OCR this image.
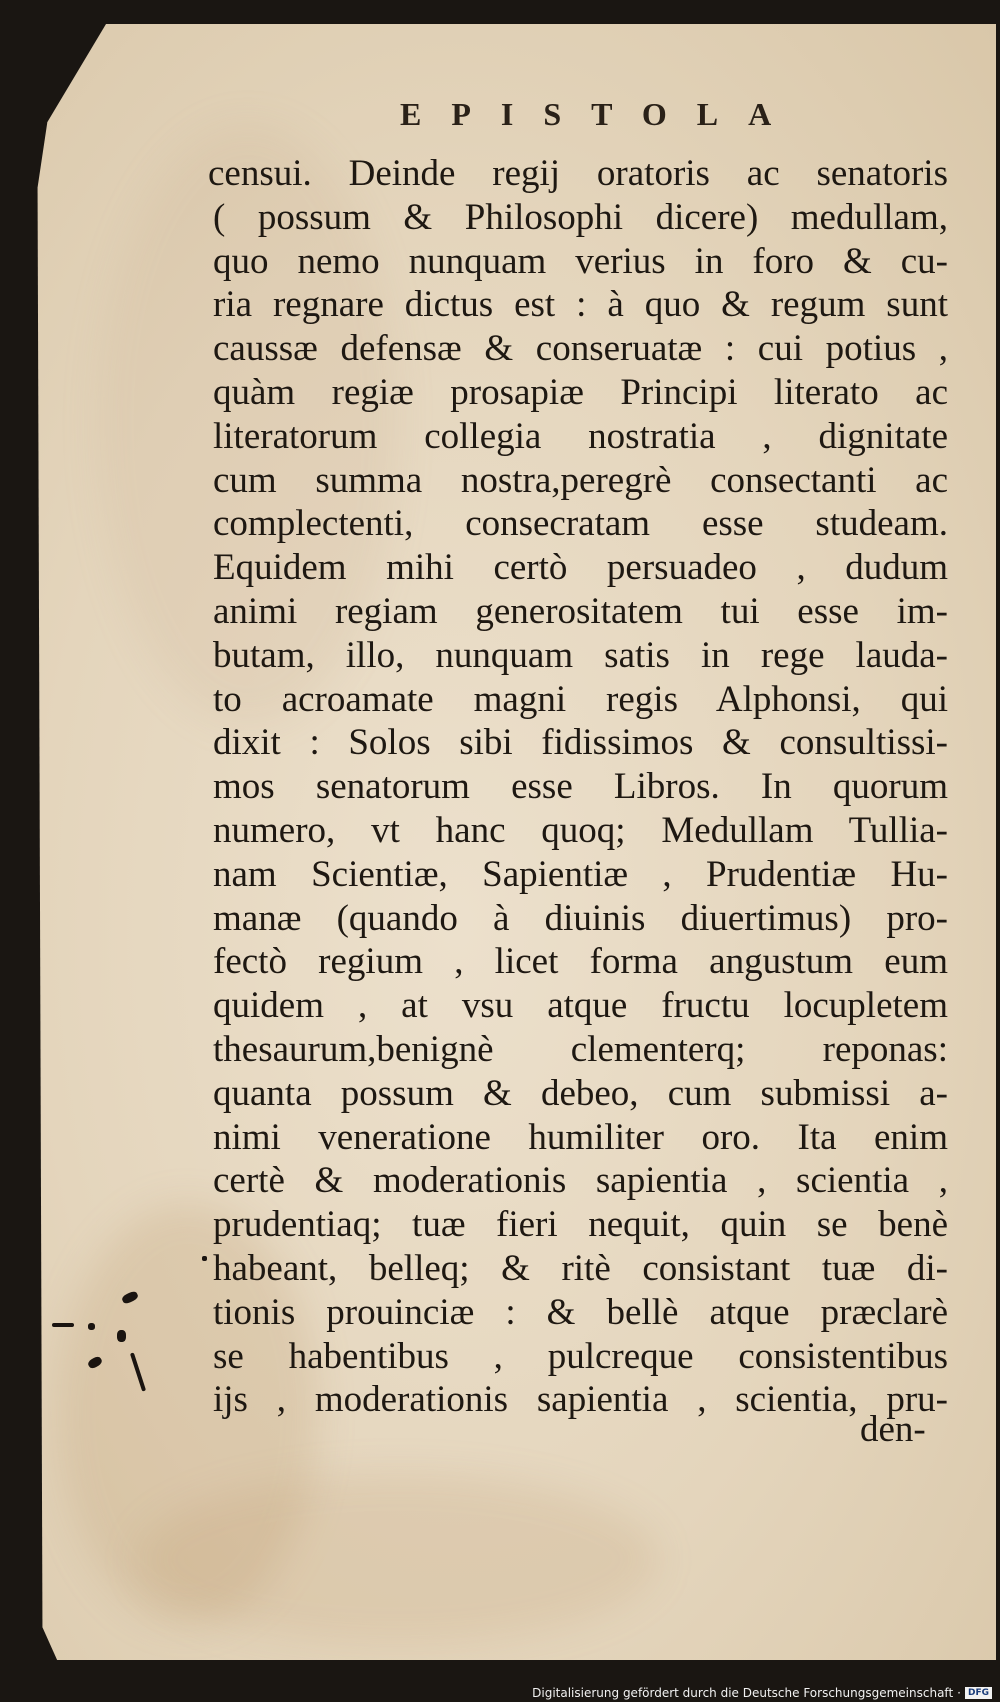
EPISTOLA
censui. Deinde regij oratoris ac senatoris
( possum & Philosophi dicere) medullam,
quo nemo nunquam verius in foro & cu-
ria regnare dictus est : à quo & regum sunt
caussæ defensæ & conseruatæ : cui potius ,
quàm regiæ prosapiæ Principi literato ac
literatorum collegia nostratia , dignitate
cum summa nostra,peregrè consectanti ac
complectenti, consecratam esse studeam.
Equidem mihi certò persuadeo , dudum
animi regiam generositatem tui esse im-
butam, illo, nunquam satis in rege lauda-
to acroamate magni regis Alphonsi, qui
dixit : Solos sibi fidissimos & consultissi-
mos senatorum esse Libros. In quorum
numero, vt hanc quoq; Medullam Tullia-
nam Scientiæ, Sapientiæ , Prudentiæ Hu-
manæ (quando à diuinis diuertimus) pro-
fectò regium , licet forma angustum eum
quidem , at vsu atque fructu locupletem
thesaurum,benignè clementerq; reponas:
quanta possum & debeo, cum submissi a-
nimi veneratione humiliter oro. Ita enim
certè & moderationis sapientia , scientia ,
prudentiaq; tuæ fieri nequit, quin se benè
habeant, belleq; & ritè consistant tuæ di-
tionis prouinciæ : & bellè atque præclarè
se habentibus , pulcreque consistentibus
ijs , moderationis sapientia , scientia, pru-
den-
Digitalisierung gefördert durch die Deutsche Forschungsgemeinschaft · DFG
